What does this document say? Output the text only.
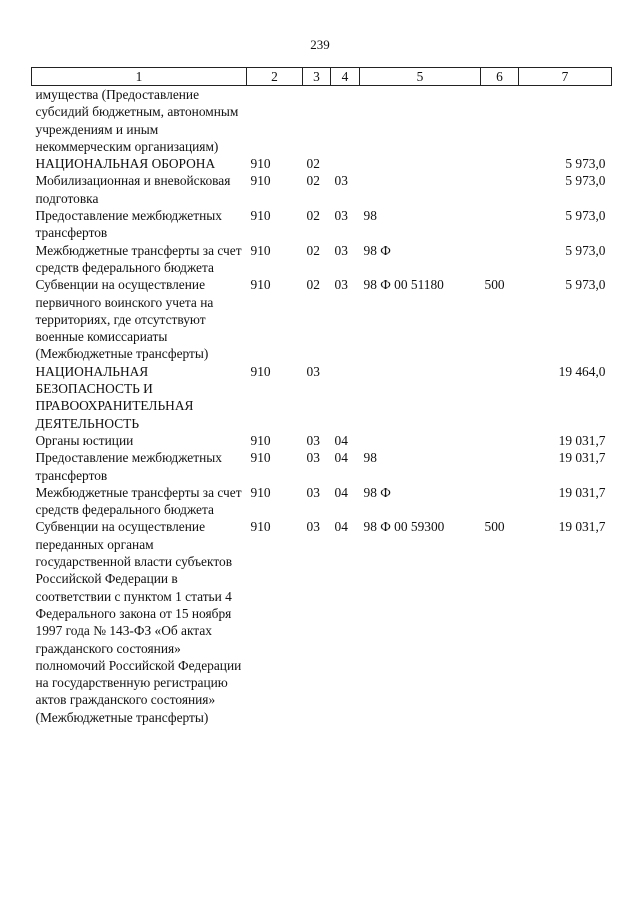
239
1	2	3	4	5	6	7
имущества (Предоставление субсидий бюджетным, автономным учреждениям и иным некоммерческим организациям)						
НАЦИОНАЛЬНАЯ ОБОРОНА	910	02				5 973,0
Мобилизационная и вневойсковая подготовка	910	02	03			5 973,0
Предоставление межбюджетных трансфертов	910	02	03	98		5 973,0
Межбюджетные трансферты за счет средств федерального бюджета	910	02	03	98 Ф		5 973,0
Субвенции на осуществление первичного воинского учета на территориях, где отсутствуют военные комиссариаты (Межбюджетные трансферты)	910	02	03	98 Ф 00 51180	500	5 973,0
НАЦИОНАЛЬНАЯ БЕЗОПАСНОСТЬ И ПРАВООХРАНИТЕЛЬНАЯ ДЕЯТЕЛЬНОСТЬ	910	03				19 464,0
Органы юстиции	910	03	04			19 031,7
Предоставление межбюджетных трансфертов	910	03	04	98		19 031,7
Межбюджетные трансферты за счет средств федерального бюджета	910	03	04	98 Ф		19 031,7
Субвенции на осуществление переданных органам государственной власти субъектов Российской Федерации в соответствии с пунктом 1 статьи 4 Федерального закона от 15 ноября 1997 года № 143-ФЗ «Об актах гражданского состояния» полномочий Российской Федерации на государственную регистрацию актов гражданского состояния» (Межбюджетные трансферты)	910	03	04	98 Ф 00 59300	500	19 031,7
